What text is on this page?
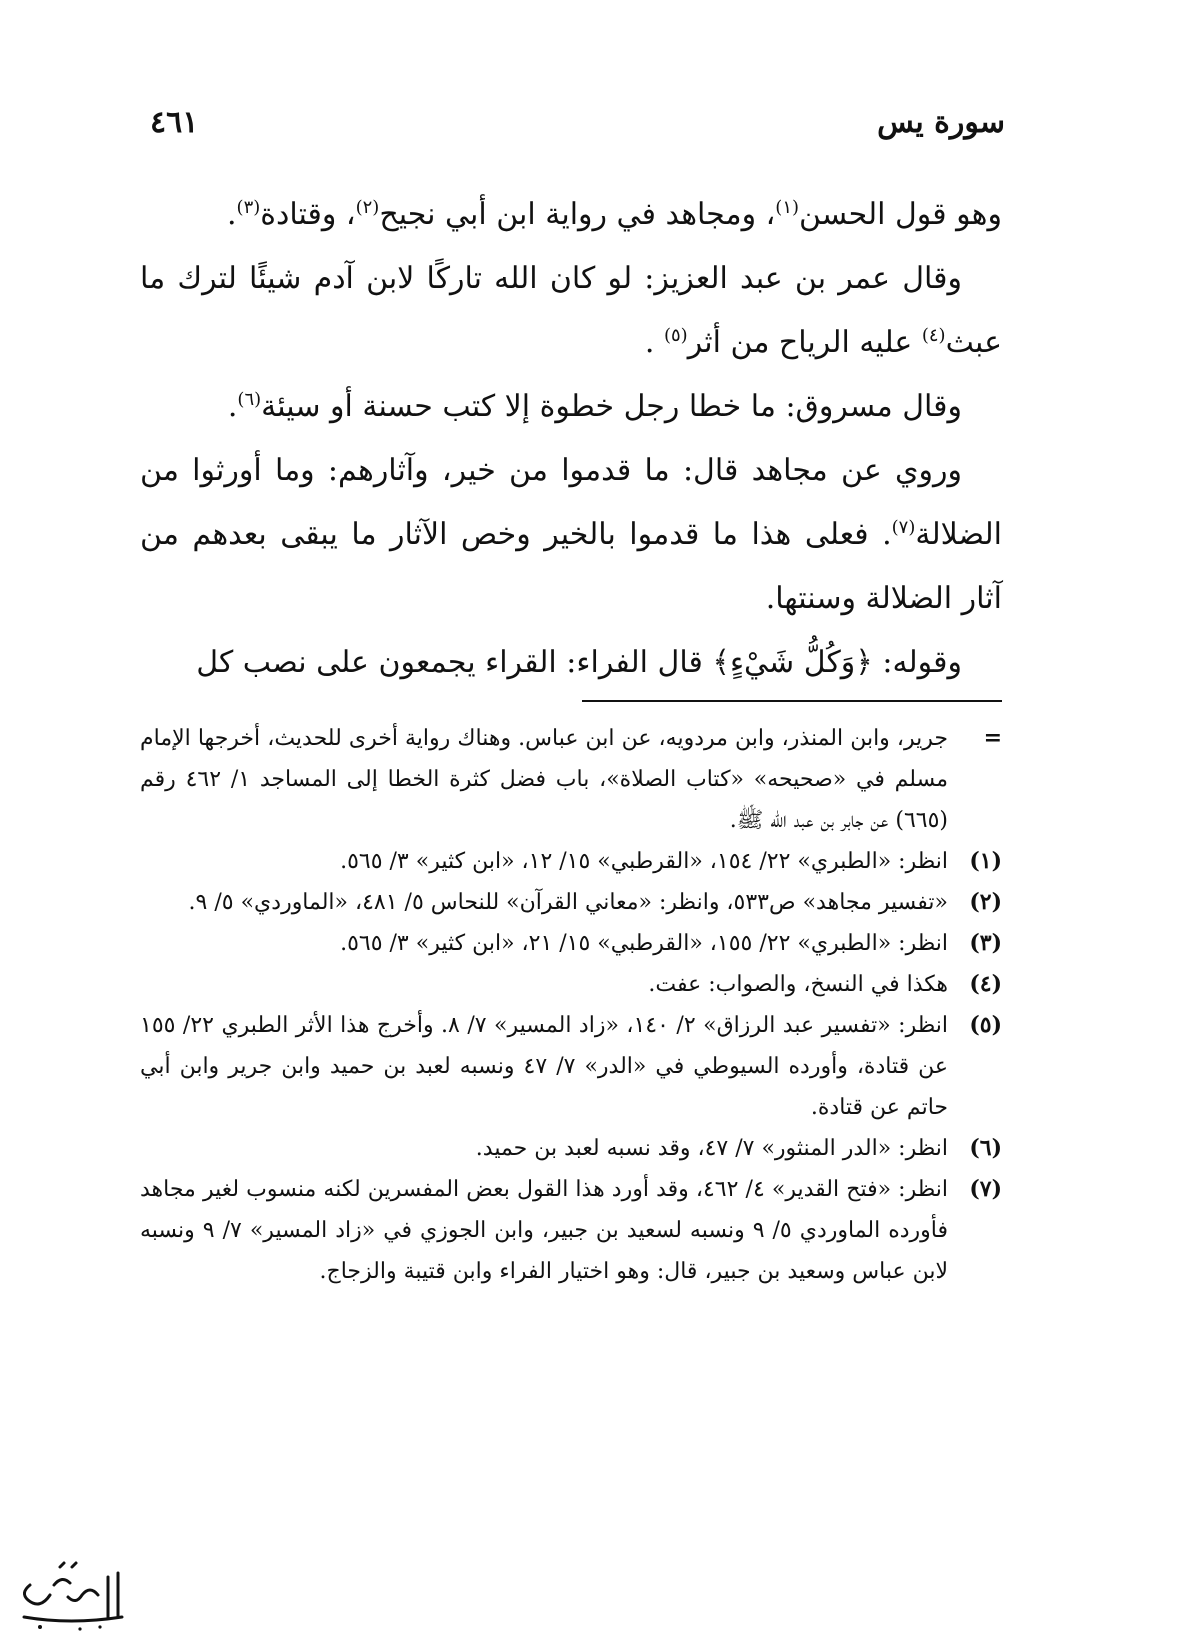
سورة يس
٤٦١

وهو قول الحسن$^{(١)}$، ومجاهد في رواية ابن أبي نجيح$^{(٢)}$، وقتادة$^{(٣)}$.

وقال عمر بن عبد العزيز: لو كان الله تاركًا لابن آدم شيئًا لترك ما عبث$^{(٤)}$ عليه الرياح من أثر$^{(٥)}$ .

وقال مسروق: ما خطا رجل خطوة إلا كتب حسنة أو سيئة$^{(٦)}$.

وروي عن مجاهد قال: ما قدموا من خير، وآثارهم: وما أورثوا من الضلالة$^{(٧)}$. فعلى هذا ما قدموا بالخير وخص الآثار ما يبقى بعدهم من آثار الضلالة وسنتها.

وقوله: ﴿وَكُلُّ شَيْءٍ﴾ قال الفراء: القراء يجمعون على نصب كل

=
جرير، وابن المنذر، وابن مردويه، عن ابن عباس. وهناك رواية أخرى للحديث، أخرجها الإمام مسلم في «صحيحه» «كتاب الصلاة»، باب فضل كثرة الخطا إلى المساجد ١/ ٤٦٢ رقم (٦٦٥) عن جابر بن عبد الله ﷺ.
(١)
انظر: «الطبري» ٢٢/ ١٥٤، «القرطبي» ١٥/ ١٢، «ابن كثير» ٣/ ٥٦٥.
(٢)
«تفسير مجاهد» ص٥٣٣، وانظر: «معاني القرآن» للنحاس ٥/ ٤٨١، «الماوردي» ٥/ ٩.
(٣)
انظر: «الطبري» ٢٢/ ١٥٥، «القرطبي» ١٥/ ٢١، «ابن كثير» ٣/ ٥٦٥.
(٤)
هكذا في النسخ، والصواب: عفت.
(٥)
انظر: «تفسير عبد الرزاق» ٢/ ١٤٠، «زاد المسير» ٧/ ٨. وأخرج هذا الأثر الطبري ٢٢/ ١٥٥ عن قتادة، وأورده السيوطي في «الدر» ٧/ ٤٧ ونسبه لعبد بن حميد وابن جرير وابن أبي حاتم عن قتادة.
(٦)
انظر: «الدر المنثور» ٧/ ٤٧، وقد نسبه لعبد بن حميد.
(٧)
انظر: «فتح القدير» ٤/ ٤٦٢، وقد أورد هذا القول بعض المفسرين لكنه منسوب لغير مجاهد فأورده الماوردي ٥/ ٩ ونسبه لسعيد بن جبير، وابن الجوزي في «زاد المسير» ٧/ ٩ ونسبه لابن عباس وسعيد بن جبير، قال: وهو اختيار الفراء وابن قتيبة والزجاج.
